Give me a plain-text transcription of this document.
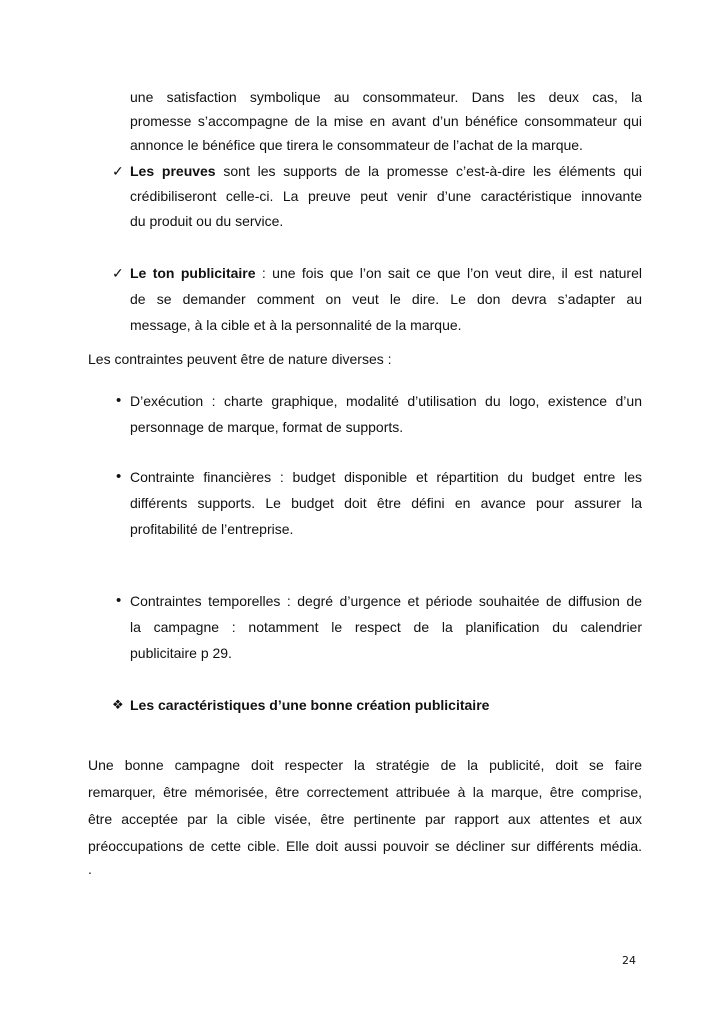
une satisfaction symbolique au consommateur. Dans les deux cas, la
promesse s’accompagne de la mise en avant d’un bénéfice consommateur qui
annonce le bénéfice que tirera le consommateur de l’achat de la marque.
✓ Les preuves sont les supports de la promesse c’est-à-dire les éléments qui
crédibiliseront celle-ci. La preuve peut venir d’une caractéristique innovante
du produit ou du service.
✓ Le ton publicitaire : une fois que l’on sait ce que l’on veut dire, il est naturel
de se demander comment on veut le dire. Le don devra s’adapter au
message, à la cible et à la personnalité de la marque.
Les contraintes peuvent être de nature diverses :
• D’exécution : charte graphique, modalité d’utilisation du logo, existence d’un
personnage de marque, format de supports.
• Contrainte financières : budget disponible et répartition du budget entre les
différents supports. Le budget doit être défini en avance pour assurer la
profitabilité de l’entreprise.
• Contraintes temporelles : degré d’urgence et période souhaitée de diffusion de
la campagne : notamment le respect de la planification du calendrier
publicitaire p 29.
❖ Les caractéristiques d’une bonne création publicitaire
Une bonne campagne doit respecter la stratégie de la publicité, doit se faire
remarquer, être mémorisée, être correctement attribuée à la marque, être comprise,
être acceptée par la cible visée, être pertinente par rapport aux attentes et aux
préoccupations de cette cible. Elle doit aussi pouvoir se décliner sur différents média.
.
24
